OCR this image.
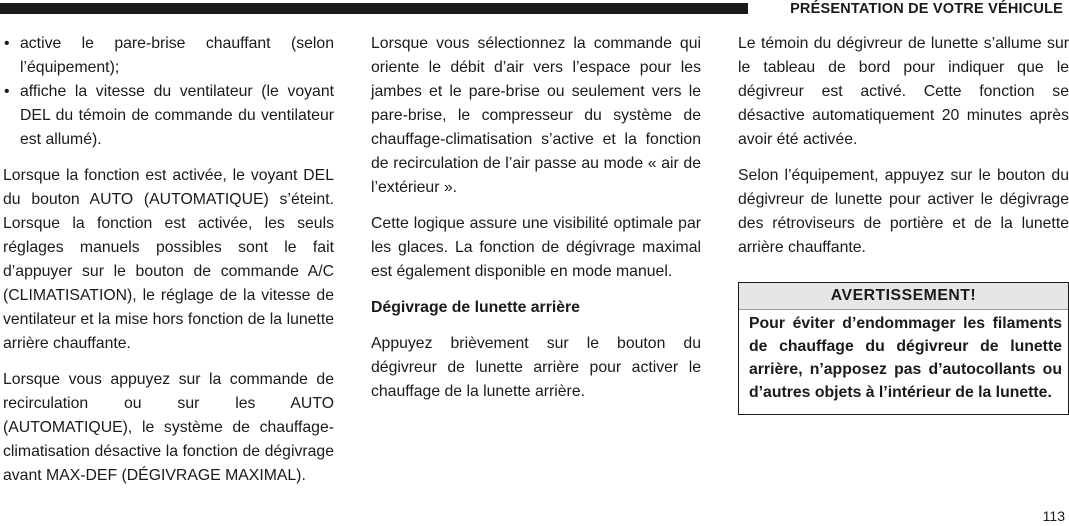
PRÉSENTATION DE VOTRE VÉHICULE
• active le pare-brise chauffant (selon l’équipement);
• affiche la vitesse du ventilateur (le voyant DEL du témoin de commande du ventilateur est allumé).

Lorsque la fonction est activée, le voyant DEL du bouton AUTO (AUTOMATIQUE) s’éteint. Lorsque la fonction est activée, les seuls réglages manuels possibles sont le fait d’appuyer sur le bouton de commande A/C (CLIMATISATION), le réglage de la vitesse de ventilateur et la mise hors fonction de la lunette arrière chauffante.

Lorsque vous appuyez sur la commande de recirculation ou sur les AUTO (AUTOMATIQUE), le système de chauffage-climatisation désactive la fonction de dégivrage avant MAX-DEF (DÉGIVRAGE MAXIMAL).

Lorsque vous sélectionnez la commande qui oriente le débit d’air vers l’espace pour les jambes et le pare-brise ou seulement vers le pare-brise, le compresseur du système de chauffage-climatisation s’active et la fonction de recirculation de l’air passe au mode « air de l’extérieur ».

Cette logique assure une visibilité optimale par les glaces. La fonction de dégivrage maximal est également disponible en mode manuel.

Dégivrage de lunette arrière

Appuyez brièvement sur le bouton du dégivreur de lunette arrière pour activer le chauffage de la lunette arrière.

Le témoin du dégivreur de lunette s’allume sur le tableau de bord pour indiquer que le dégivreur est activé. Cette fonction se désactive automatiquement 20 minutes après avoir été activée.

Selon l’équipement, appuyez sur le bouton du dégivreur de lunette pour activer le dégivrage des rétroviseurs de portière et de la lunette arrière chauffante.

AVERTISSEMENT!
Pour éviter d’endommager les filaments de chauffage du dégivreur de lunette arrière, n’apposez pas d’autocollants ou d’autres objets à l’intérieur de la lunette.
113
